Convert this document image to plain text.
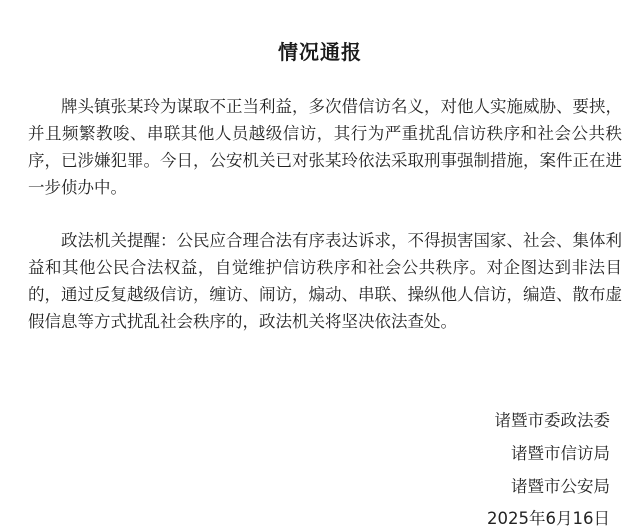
情况通报

牌头镇张某玲为谋取不正当利益，多次借信访名义，对他人实施威胁、要挟，并且频繁教唆、串联其他人员越级信访，其行为严重扰乱信访秩序和社会公共秩序，已涉嫌犯罪。今日，公安机关已对张某玲依法采取刑事强制措施，案件正在进一步侦办中。

政法机关提醒：公民应合理合法有序表达诉求，不得损害国家、社会、集体利益和其他公民合法权益，自觉维护信访秩序和社会公共秩序。对企图达到非法目的，通过反复越级信访，缠访、闹访，煽动、串联、操纵他人信访，编造、散布虚假信息等方式扰乱社会秩序的，政法机关将坚决依法查处。

诸暨市委政法委
诸暨市信访局
诸暨市公安局
2025年6月16日
